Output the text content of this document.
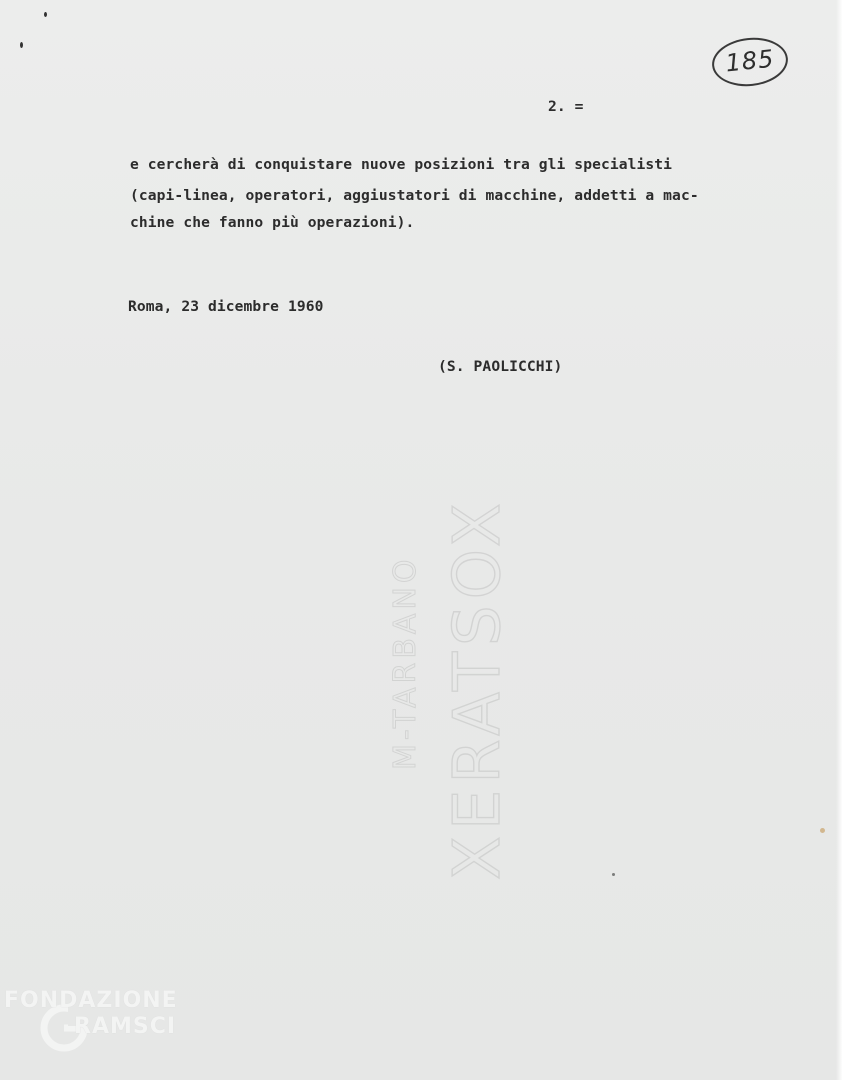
185
2. =
e cercherà di conquistare nuove posizioni tra gli specialisti
(capi-linea, operatori, aggiustatori di macchine, addetti a mac-
chine che fanno più operazioni).
Roma, 23 dicembre 1960
(S. PAOLICCHI)
XERATSOX
M-TARBANO
FONDAZIONE
RAMSCI
